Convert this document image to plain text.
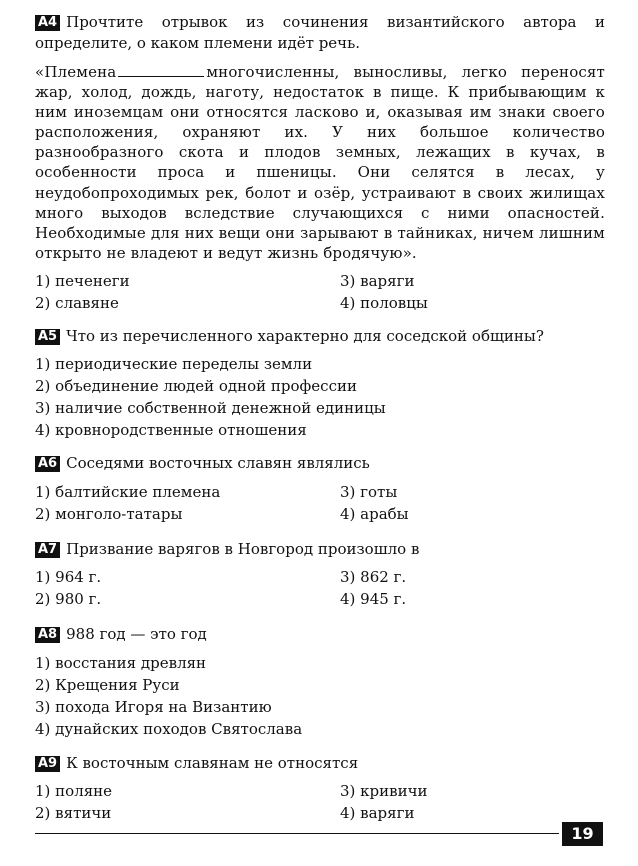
А4 Прочтите отрывок из сочинения византийского автора и определите, о каком племени идёт речь.
«Племена	многочисленны, выносливы, легко переносят жар, холод, дождь, наготу, недостаток в пище. К прибывающим к ним иноземцам они относятся ласково и, оказывая им знаки своего расположения, охраняют их. У них большое количество разнообразного скота и плодов земных, лежащих в кучах, в особенности проса и пшеницы. Они селятся в лесах, у неудобопроходимых рек, болот и озёр, устраивают в своих жилищах много выходов вследствие случающихся с ними опасностей. Необходимые для них вещи они зарывают в тайниках, ничем лишним открыто не владеют и ведут жизнь бродячую».
1) печенеги	3) варяги
2) славяне	4) половцы
А5 Что из перечисленного характерно для соседской общины?
1) периодические переделы земли
2) объединение людей одной профессии
3) наличие собственной денежной единицы
4) кровнородственные отношения
А6 Соседями восточных славян являлись
1) балтийские племена	3) готы
2) монголо-татары	4) арабы
А7 Призвание варягов в Новгород произошло в
1) 964 г.	3) 862 г.
2) 980 г.	4) 945 г.
А8 988 год — это год
1) восстания древлян
2) Крещения Руси
3) похода Игоря на Византию
4) дунайских походов Святослава
А9 К восточным славянам не относятся
1) поляне	3) кривичи
2) вятичи	4) варяги
19
